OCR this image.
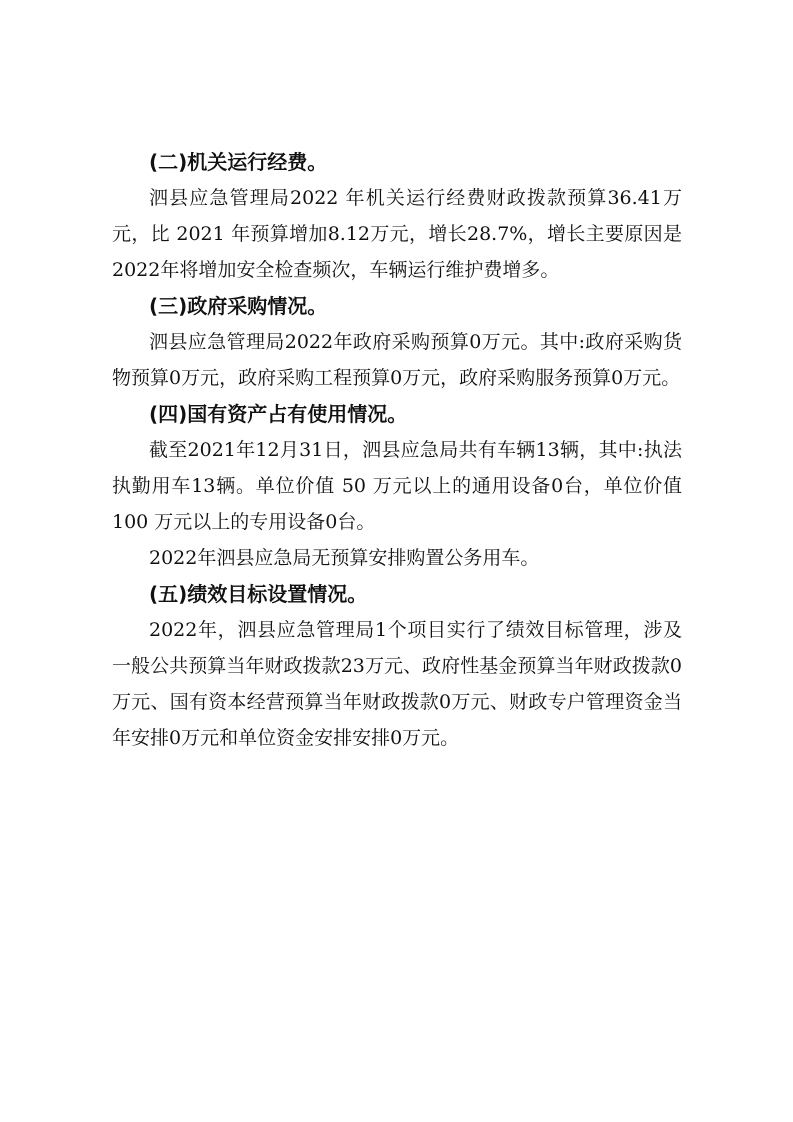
(二)机关运行经费。

泗县应急管理局2022 年机关运行经费财政拨款预算36.41万元，比 2021 年预算增加8.12万元，增长28.7%，增长主要原因是2022年将增加安全检查频次，车辆运行维护费增多。

(三)政府采购情况。

泗县应急管理局2022年政府采购预算0万元。其中:政府采购货物预算0万元，政府采购工程预算0万元，政府采购服务预算0万元。

(四)国有资产占有使用情况。

截至2021年12月31日，泗县应急局共有车辆13辆，其中:执法执勤用车13辆。单位价值 50 万元以上的通用设备0台，单位价值 100 万元以上的专用设备0台。

2022年泗县应急局无预算安排购置公务用车。

(五)绩效目标设置情况。

2022年，泗县应急管理局1个项目实行了绩效目标管理，涉及一般公共预算当年财政拨款23万元、政府性基金预算当年财政拨款0万元、国有资本经营预算当年财政拨款0万元、财政专户管理资金当年安排0万元和单位资金安排安排0万元。
